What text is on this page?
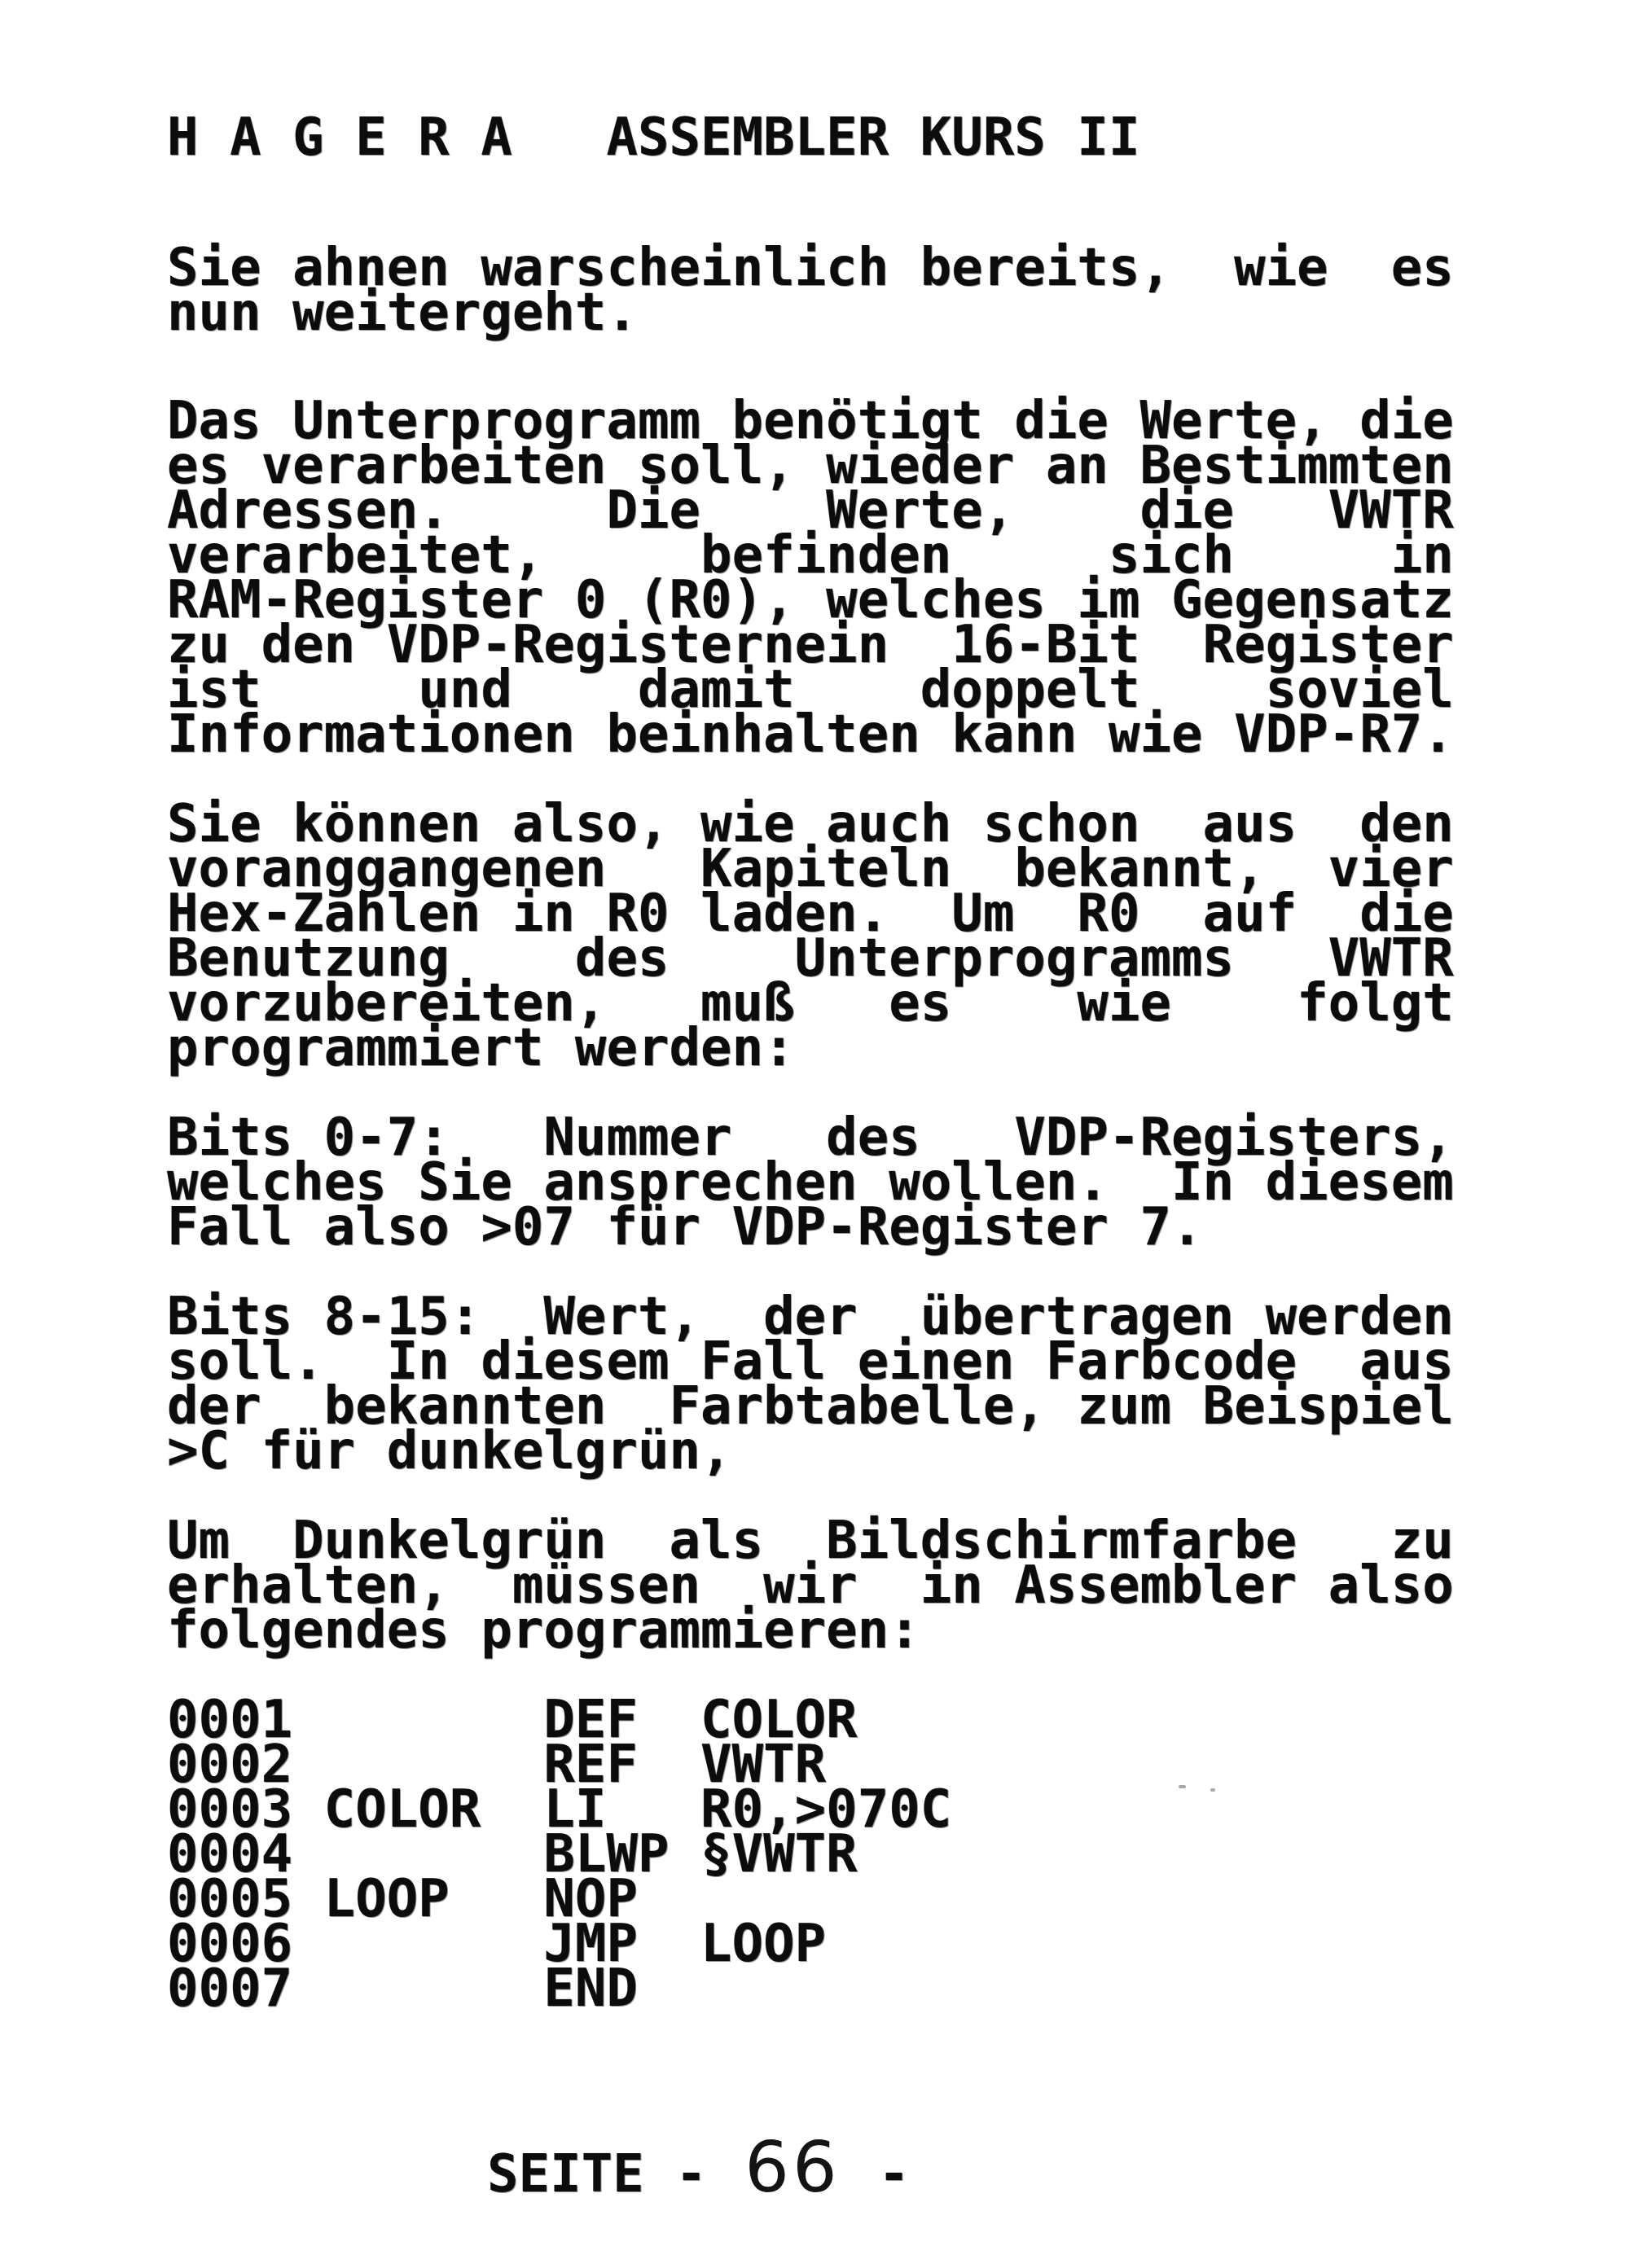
H A G E R A   ASSEMBLER KURS II
Sie ahnen warscheinlich bereits,  wie  es
nun weitergeht.
Das Unterprogramm benötigt die Werte, die
es verarbeiten soll, wieder an Bestimmten
Adressen.     Die    Werte,    d̄ie   VWTR
verarbeitet,     befinden     sich     in
RAM-Register 0 (R0), welches im Gegensatz
zu den VDP-Registernein  16-Bit  Register
ist     und    damit    doppelt    soviel
Informationen beinhalten kann wie VDP-R7.
Sie können also, wie auch schon  aus  den
voranggangenen   Kapiteln  bekannt,  vier
Hex-Zahlen in R0 laden.  Um  R0  auf  die
Benutzung    des    Unterprogramms   VWTR
vorzubereiten,   muß   es    wie    folgt
programmiert werden:
Bits 0-7:   Nummer   des   VDP-Registers,
welches Sie ansprechen wollen.  In diesem
Fall also >07 für VDP-Register 7.
Bits 8-15:  Wert,  der  übertragen werden
soll.  In diesem Fall einen Farbcode  aus
der  bekannten  Farbtabelle, zum Beispiel
>C für dunkelgrün,
Um  Dunkelgrün  als  Bildschirmfarbe   zu
erhalten,  müssen  wir  in Assembler also
folgendes programmieren:
0001        DEF  COLOR
0002        REF  VWTR
0003 COLOR  LI   R0,>070C
0004        BLWP §VWTR
0005 LOOP   NOP
0006        JMP  LOOP
0007        END
SEITE - 66 -
